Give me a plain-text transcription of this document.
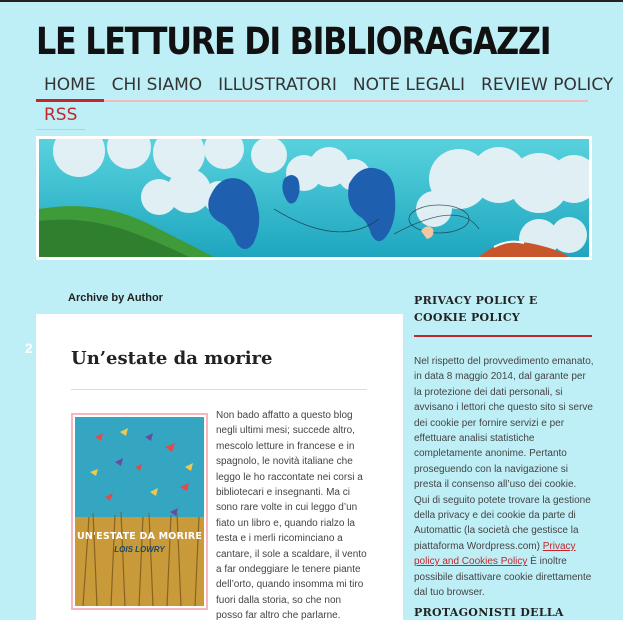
LE LETTURE DI BIBLIORAGAZZI
HOME CHI SIAMO ILLUSTRATORI NOTE LEGALI REVIEW POLICY
RSS
Archive by Author
2	Un’estate da morire
UN'ESTATE DA MORIRE
LOIS LOWRY

Non bado affatto a questo blog negli ultimi mesi; succede altro, mescolo letture in francese e in spagnolo, le novità italiane che leggo le ho raccontate nei corsi a bibliotecari e insegnanti. Ma ci sono rare volte in cui leggo d’un fiato un libro e, quando rialzo la testa e i merli ricominciano a cantare, il sole a scaldare, il vento a far ondeggiare le tenere piante dell’orto, quando insomma mi tiro fuori dalla storia, so che non posso far altro che parlarne.

PRIVACY POLICY E COOKIE POLICY

Nel rispetto del provvedimento emanato, in data 8 maggio 2014, dal garante per la protezione dei dati personali, si avvisano i lettori che questo sito si serve dei cookie per fornire servizi e per effettuare analisi statistiche completamente anonime. Pertanto proseguendo con la navigazione si presta il consenso all’uso dei cookie. Qui di seguito potete trovare la gestione della privacy e dei cookie da parte di Automattic (la società che gestisce la piattaforma Wordpress.com) Privacy policy and Cookies Policy È inoltre possibile disattivare cookie direttamente dal tuo browser.

PROTAGONISTI DELLA
